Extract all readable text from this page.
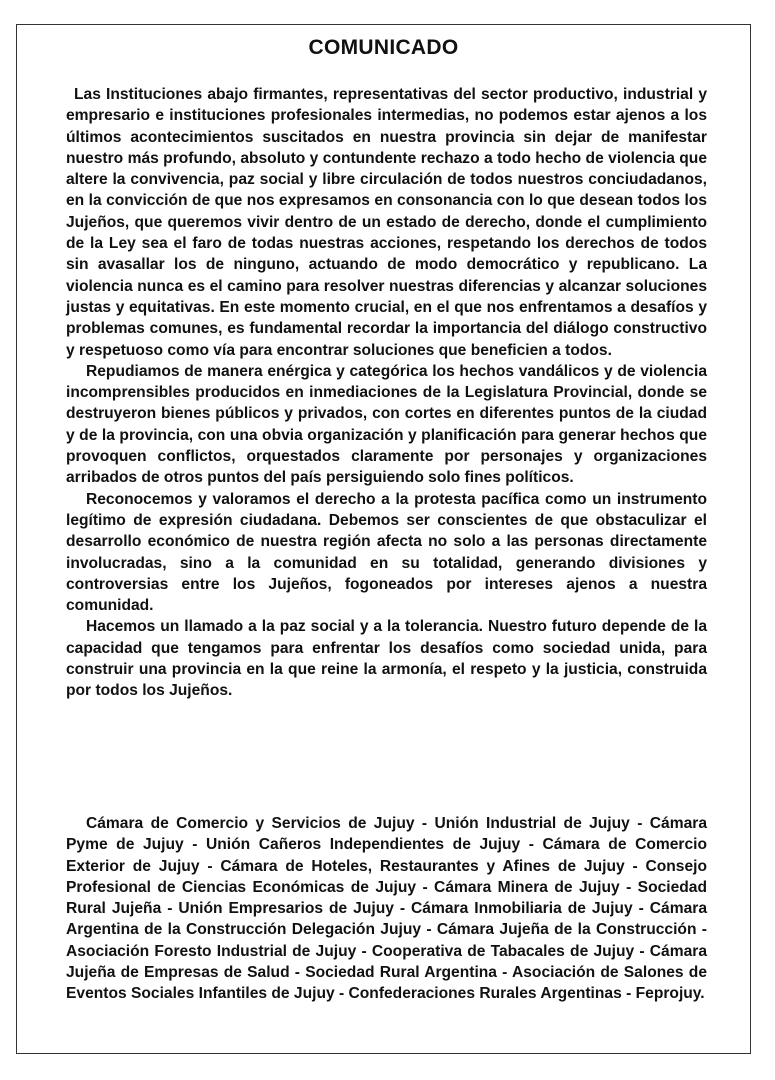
COMUNICADO

Las Instituciones abajo firmantes, representativas del sector productivo, industrial y empresario e instituciones profesionales intermedias, no podemos estar ajenos a los últimos acontecimientos suscitados en nuestra provincia sin dejar de manifestar nuestro más profundo, absoluto y contundente rechazo a todo hecho de violencia que altere la convivencia, paz social y libre circulación de todos nuestros conciudadanos, en la convicción de que nos expresamos en consonancia con lo que desean todos los Jujeños, que queremos vivir dentro de un estado de derecho, donde el cumplimiento de la Ley sea el faro de todas nuestras acciones, respetando los derechos de todos sin avasallar los de ninguno, actuando de modo democrático y republicano. La violencia nunca es el camino para resolver nuestras diferencias y alcanzar soluciones justas y equitativas. En este momento crucial, en el que nos enfrentamos a desafíos y problemas comunes, es fundamental recordar la importancia del diálogo constructivo y respetuoso como vía para encontrar soluciones que beneficien a todos.

Repudiamos de manera enérgica y categórica los hechos vandálicos y de violencia incomprensibles producidos en inmediaciones de la Legislatura Provincial, donde se destruyeron bienes públicos y privados, con cortes en diferentes puntos de la ciudad y de la provincia, con una obvia organización y planificación para generar hechos que provoquen conflictos, orquestados claramente por personajes y organizaciones arribados de otros puntos del país persiguiendo solo fines políticos.

Reconocemos y valoramos el derecho a la protesta pacífica como un instrumento legítimo de expresión ciudadana. Debemos ser conscientes de que obstaculizar el desarrollo económico de nuestra región afecta no solo a las personas directamente involucradas, sino a la comunidad en su totalidad, generando divisiones y controversias entre los Jujeños, fogoneados por intereses ajenos a nuestra comunidad.

Hacemos un llamado a la paz social y a la tolerancia. Nuestro futuro depende de la capacidad que tengamos para enfrentar los desafíos como sociedad unida, para construir una provincia en la que reine la armonía, el respeto y la justicia, construida por todos los Jujeños.

Cámara de Comercio y Servicios de Jujuy - Unión Industrial de Jujuy - Cámara Pyme de Jujuy - Unión Cañeros Independientes de Jujuy - Cámara de Comercio Exterior de Jujuy - Cámara de Hoteles, Restaurantes y Afines de Jujuy - Consejo Profesional de Ciencias Económicas de Jujuy - Cámara Minera de Jujuy - Sociedad Rural Jujeña - Unión Empresarios de Jujuy - Cámara Inmobiliaria de Jujuy - Cámara Argentina de la Construcción Delegación Jujuy - Cámara Jujeña de la Construcción - Asociación Foresto Industrial de Jujuy - Cooperativa de Tabacales de Jujuy - Cámara Jujeña de Empresas de Salud - Sociedad Rural Argentina - Asociación de Salones de Eventos Sociales Infantiles de Jujuy - Confederaciones Rurales Argentinas - Feprojuy.
